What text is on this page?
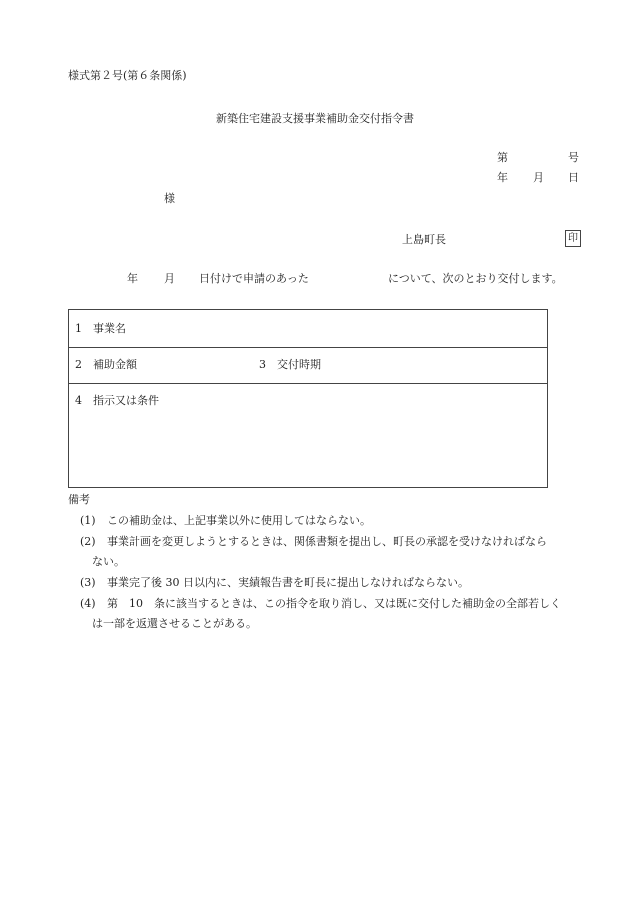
様式第２号(第６条関係)
新築住宅建設支援事業補助金交付指令書
第	号
年 月 日
様
上島町長	印
年 月 日付けで申請のあった	について、次のとおり交付します。
1　事業名
2　補助金額	3　交付時期
4　指示又は条件
備考
(1) この補助金は、上記事業以外に使用してはならない。
(2) 事業計画を変更しようとするときは、関係書類を提出し、町長の承認を受けなければなら
ない。
(3) 事業完了後 30 日以内に、実績報告書を町長に提出しなければならない。
(4) 第　10　条に該当するときは、この指令を取り消し、又は既に交付した補助金の全部若しく
は一部を返還させることがある。
